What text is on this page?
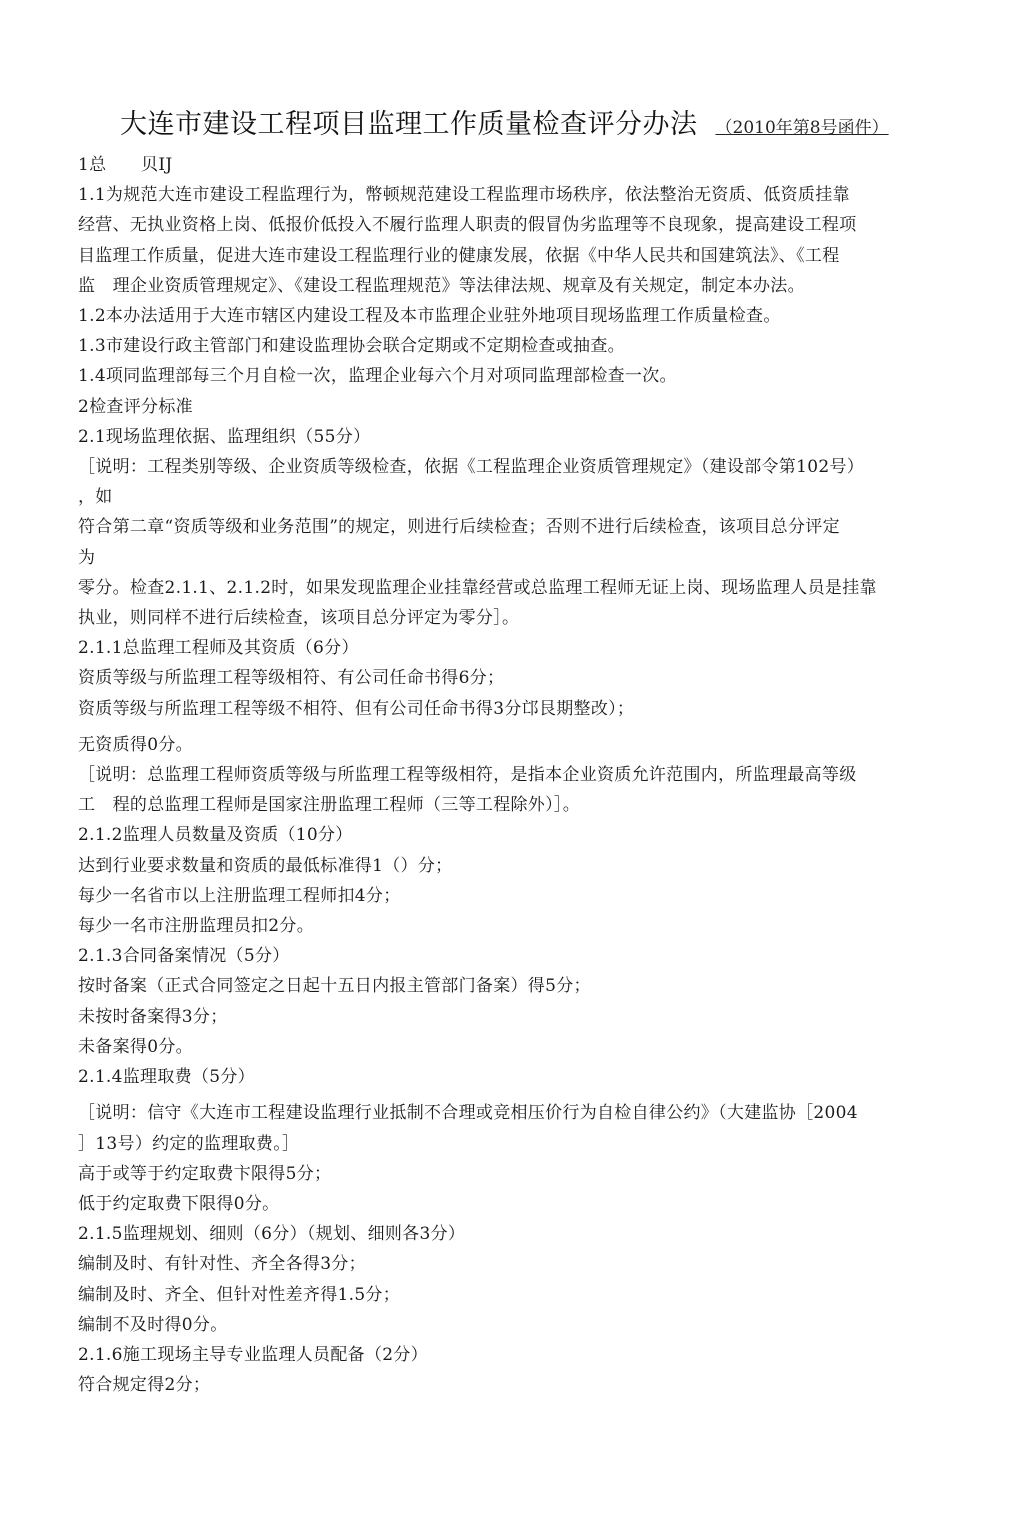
大连市建设工程项目监理工作质量检查评分办法 （2010年第8号函件）

1总　　贝IJ

1.1为规范大连市建设工程监理行为，幣顿规范建设工程监理市场秩序，依法整治无资质、低资质挂靠

经营、无执业资格上岗、低报价低投入不履行监理人职责的假冒伪劣监理等不良现象，提高建设工程项

目监理工作质量，促进大连市建设工程监理行业的健康发展，依据《中华人民共和国建筑法》、《工程

监　理企业资质管理规定》、《建设工程监理规范》等法律法规、规章及有关规定，制定本办法。

1.2本办法适用于大连市辖区内建设工程及本市监理企业驻外地项目现场监理工作质量检查。

1.3市建设行政主管部门和建设监理协会联合定期或不定期检查或抽查。

1.4项同监理部每三个月自检一次，监理企业每六个月对项同监理部检查一次。

2检查评分标准

2.1现场监理依据、监理组织（55分）

［说明：工程类别等级、企业资质等级检查，依据《工程监理企业资质管理规定》（建设部令第102号）

，如

符合第二章“资质等级和业务范围”的规定，则进行后续检查；否则不进行后续检查，该项目总分评定

为

零分。检查2.1.1、2.1.2时，如果发现监理企业挂靠经营或总监理工程师无证上岗、现场监理人员是挂靠

执业，则同样不进行后续检查，该项目总分评定为零分］。

2.1.1总监理工程师及其资质（6分）

资质等级与所监理工程等级相符、有公司任命书得6分；

资质等级与所监理工程等级不相符、但有公司任命书得3分邙艮期整改）；

无资质得0分。

［说明：总监理工程师资质等级与所监理工程等级相符，是指本企业资质允许范围内，所监理最高等级

工　程的总监理工程师是国家注册监理工程师（三等工程除外）］。

2.1.2监理人员数量及资质（10分）

达到行业要求数量和资质的最低标准得1（）分；

每少一名省市以上注册监理工程师扣4分；

每少一名市注册监理员扣2分。

2.1.3合同备案情况（5分）

按时备案（正式合同签定之日起十五日内报主管部门备案）得5分；

未按时备案得3分；

未备案得0分。

2.1.4监理取费（5分）

［说明：信守《大连市工程建设监理行业抵制不合理或竞相压价行为自检自律公约》（大建监协［2004

］13号）约定的监理取费。］

高于或等于约定取费卞限得5分；

低于约定取费下限得0分。

2.1.5监理规划、细则（6分）（规划、细则各3分）

编制及时、有针对性、齐全各得3分；

编制及时、齐全、但针对性差齐得1.5分；

编制不及时得0分。

2.1.6施工现场主导专业监理人员配备（2分）

符合规定得2分；
